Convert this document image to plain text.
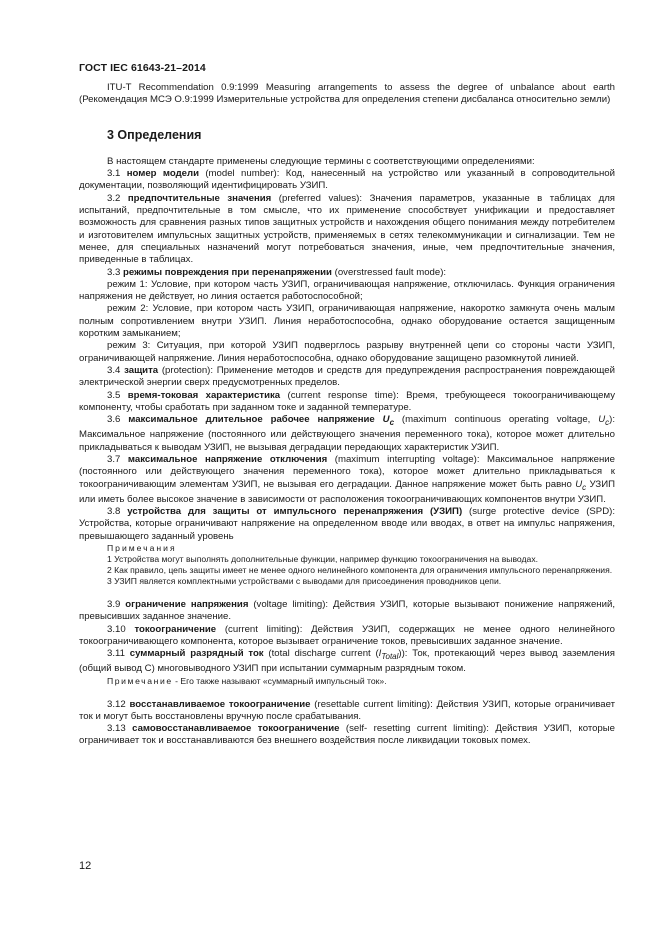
ГОСТ IEC 61643-21–2014

ITU-T Recommendation 0.9:1999 Measuring arrangements to assess the degree of unbalance about earth (Рекомендация МСЭ О.9:1999 Измерительные устройства для определения степени дисбаланса относительно земли)

3 Определения

В настоящем стандарте применены следующие термины с соответствующими определениями:

3.1 номер модели (model number): Код, нанесенный на устройство или указанный в сопроводительной документации, позволяющий идентифицировать УЗИП.

3.2 предпочтительные значения (preferred values): Значения параметров, указанные в таблицах для испытаний, предпочтительные в том смысле, что их применение способствует унификации и предоставляет возможность для сравнения разных типов защитных устройств и нахождения общего понимания между потребителем и изготовителем импульсных защитных устройств, применяемых в сетях телекоммуникации и сигнализации. Тем не менее, для специальных назначений могут потребоваться значения, иные, чем предпочтительные значения, приведенные в таблицах.

3.3 режимы повреждения при перенапряжении (overstressed fault mode):

режим 1: Условие, при котором часть УЗИП, ограничивающая напряжение, отключилась. Функция ограничения напряжения не действует, но линия остается работоспособной;

режим 2: Условие, при котором часть УЗИП, ограничивающая напряжение, накоротко замкнута очень малым полным сопротивлением внутри УЗИП. Линия неработоспособна, однако оборудование остается защищенным коротким замыканием;

режим 3: Ситуация, при которой УЗИП подверглось разрыву внутренней цепи со стороны части УЗИП, ограничивающей напряжение. Линия неработоспособна, однако оборудование защищено разомкнутой линией.

3.4 защита (protection): Применение методов и средств для предупреждения распространения повреждающей электрической энергии сверх предусмотренных пределов.

3.5 время-токовая характеристика (current response time): Время, требующееся токоограничивающему компоненту, чтобы сработать при заданном токе и заданной температуре.

3.6 максимальное длительное рабочее напряжение $U_c$ (maximum continuous operating voltage, $U_c$): Максимальное напряжение (постоянного или действующего значения переменного тока), которое может длительно прикладываться к выводам УЗИП, не вызывая деградации передающих характеристик УЗИП.

3.7 максимальное напряжение отключения (maximum interrupting voltage): Максимальное напряжение (постоянного или действующего значения переменного тока), которое может длительно прикладываться к токоограничивающим элементам УЗИП, не вызывая его деградации. Данное напряжение может быть равно $U_c$ УЗИП или иметь более высокое значение в зависимости от расположения токоограничивающих компонентов внутри УЗИП.

3.8 устройства для защиты от импульсного перенапряжения (УЗИП) (surge protective device (SPD): Устройства, которые ограничивают напряжение на определенном вводе или вводах, в ответ на импульс напряжения, превышающего заданный уровень

Примечания

1 Устройства могут выполнять дополнительные функции, например функцию токоограничения на выводах.

2 Как правило, цепь защиты имеет не менее одного нелинейного компонента для ограничения импульсного перенапряжения.

3 УЗИП является комплектными устройствами с выводами для присоединения проводников цепи.

3.9 ограничение напряжения (voltage limiting): Действия УЗИП, которые вызывают понижение напряжений, превысивших заданное значение.

3.10 токоограничение (current limiting): Действия УЗИП, содержащих не менее одного нелинейного токоограничивающего компонента, которое вызывает ограничение токов, превысивших заданное значение.

3.11 суммарный разрядный ток (total discharge current $(I_{Total})$): Ток, протекающий через вывод заземления (общий вывод С) многовыводного УЗИП при испытании суммарным разрядным током.

Примечание - Его также называют «суммарный импульсный ток».

3.12 восстанавливаемое токоограничение (resettable current limiting): Действия УЗИП, которые ограничивает ток и могут быть восстановлены вручную после срабатывания.

3.13 самовосстанавливаемое токоограничение (self- resetting current limiting): Действия УЗИП, которые ограничивает ток и восстанавливаются без внешнего воздействия после ликвидации токовых помех.

12
